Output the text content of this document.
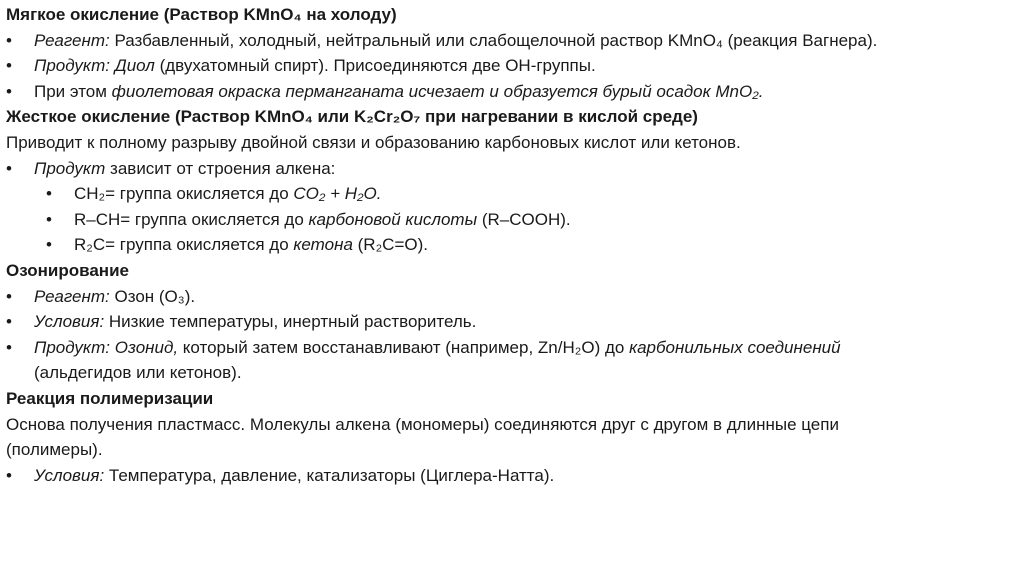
Мягкое окисление (Раствор KMnO₄ на холоду)
• Реагент: Разбавленный, холодный, нейтральный или слабощелочной раствор KMnO₄ (реакция Вагнера).
• Продукт: Диол (двухатомный спирт). Присоединяются две OH-группы.
• При этом фиолетовая окраска перманганата исчезает и образуется бурый осадок MnO₂.
Жесткое окисление (Раствор KMnO₄ или K₂Cr₂O₇ при нагревании в кислой среде)
Приводит к полному разрыву двойной связи и образованию карбоновых кислот или кетонов.
• Продукт зависит от строения алкена:
• CH₂= группа окисляется до CO₂ + H₂O.
• R–CH= группа окисляется до карбоновой кислоты (R–COOH).
• R₂C= группа окисляется до кетона (R₂C=O).
Озонирование
• Реагент: Озон (O₃).
• Условия: Низкие температуры, инертный растворитель.
• Продукт: Озонид, который затем восстанавливают (например, Zn/H₂O) до карбонильных соединений
(альдегидов или кетонов).
Реакция полимеризации
Основа получения пластмасс. Молекулы алкена (мономеры) соединяются друг с другом в длинные цепи
(полимеры).
• Условия: Температура, давление, катализаторы (Циглера-Натта).
